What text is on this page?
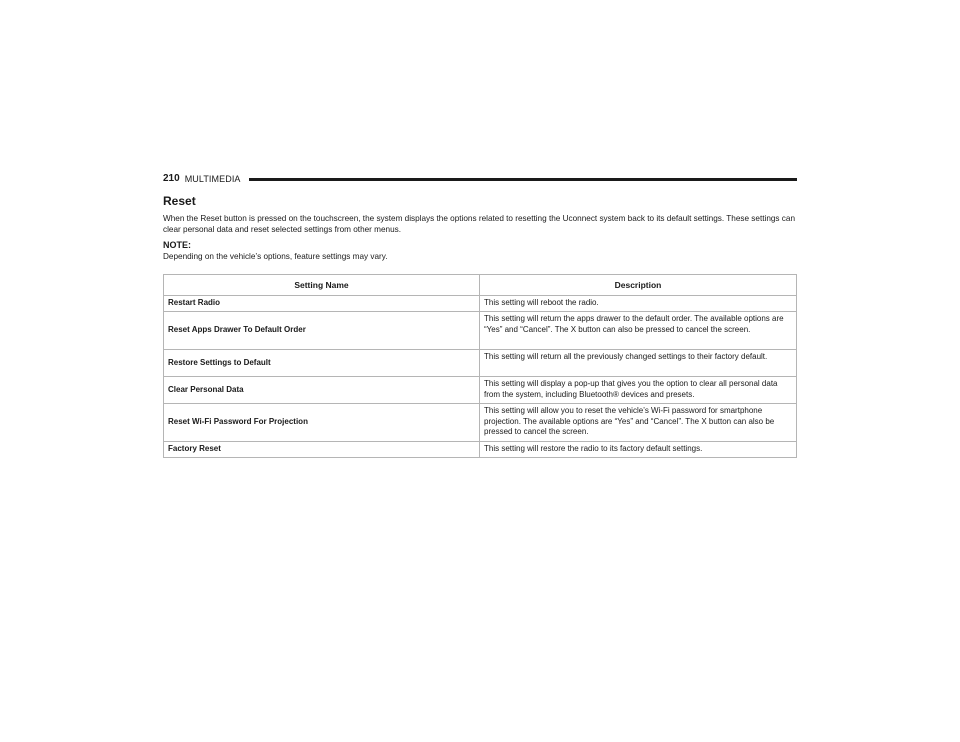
210 MULTIMEDIA
Reset

When the Reset button is pressed on the touchscreen, the system displays the options related to resetting the Uconnect system back to its default settings. These settings can clear personal data and reset selected settings from other menus.

NOTE:

Depending on the vehicle’s options, feature settings may vary.

Setting Name	Description
Restart Radio	This setting will reboot the radio.
Reset Apps Drawer To Default Order	This setting will return the apps drawer to the default order. The available options are “Yes” and “Cancel”. The X button can also be pressed to cancel the screen.
Restore Settings to Default	This setting will return all the previously changed settings to their factory default.
Clear Personal Data	This setting will display a pop-up that gives you the option to clear all personal data from the system, including Bluetooth® devices and presets.
Reset Wi-Fi Password For Projection	This setting will allow you to reset the vehicle’s Wi-Fi password for smartphone projection. The available options are “Yes” and “Cancel”. The X button can also be pressed to cancel the screen.
Factory Reset	This setting will restore the radio to its factory default settings.
